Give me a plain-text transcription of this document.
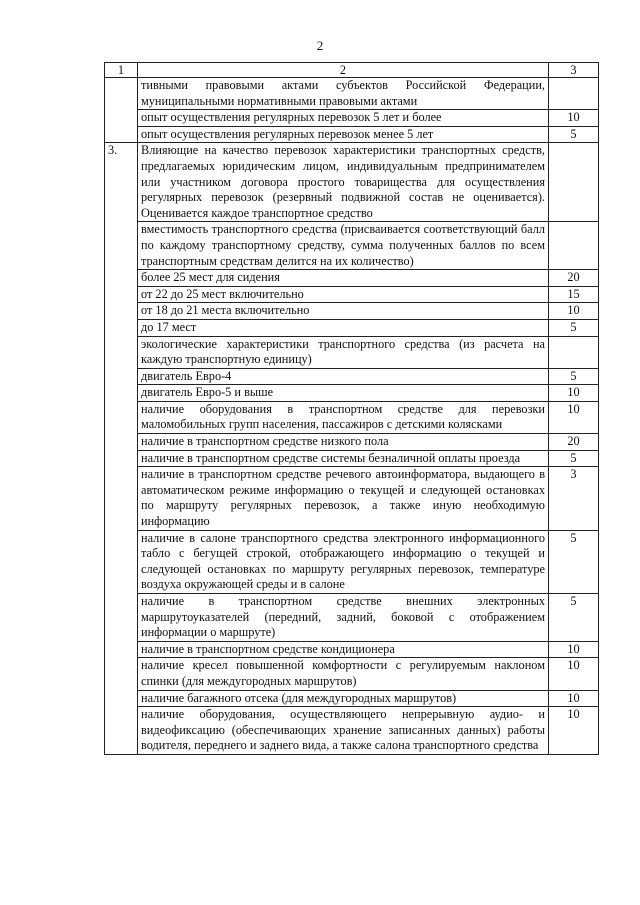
2
1	2	3
	тивными правовыми актами субъектов Российской Федерации, муниципальными нормативными правовыми актами	
	опыт осуществления регулярных перевозок 5 лет и более	10
	опыт осуществления регулярных перевозок менее 5 лет	5
3.	Влияющие на качество перевозок характеристики транспортных средств, предлагаемых юридическим лицом, индивидуальным предпринимателем или участником договора простого товарищества для осуществления регулярных перевозок (резервный подвижной состав не оценивается). Оценивается каждое транспортное средство	
	вместимость транспортного средства (присваивается соответствующий балл по каждому транспортному средству, сумма полученных баллов по всем транспортным средствам делится на их количество)	
	более 25 мест для сидения	20
	от 22 до 25 мест включительно	15
	от 18 до 21 места включительно	10
	до 17 мест	5
	экологические характеристики транспортного средства (из расчета на каждую транспортную единицу)	
	двигатель Евро-4	5
	двигатель Евро-5 и выше	10
	наличие оборудования в транспортном средстве для перевозки маломобильных групп населения, пассажиров с детскими колясками	10
	наличие в транспортном средстве низкого пола	20
	наличие в транспортном средстве системы безналичной оплаты проезда	5
	наличие в транспортном средстве речевого автоинформатора, выдающего в автоматическом режиме информацию о текущей и следующей остановках по маршруту регулярных перевозок, а также иную необходимую информацию	3
	наличие в салоне транспортного средства электронного информационного табло с бегущей строкой, отображающего информацию о текущей и следующей остановках по маршруту регулярных перевозок, температуре воздуха окружающей среды и в салоне	5
	наличие в транспортном средстве внешних электронных маршрутоуказателей (передний, задний, боковой с отображением информации о маршруте)	5
	наличие в транспортном средстве кондиционера	10
	наличие кресел повышенной комфортности с регулируемым наклоном спинки (для междугородных маршрутов)	10
	наличие багажного отсека (для междугородных маршрутов)	10
	наличие оборудования, осуществляющего непрерывную аудио- и видеофиксацию (обеспечивающих хранение записанных данных) работы водителя, переднего и заднего вида, а также салона транспортного средства	10
